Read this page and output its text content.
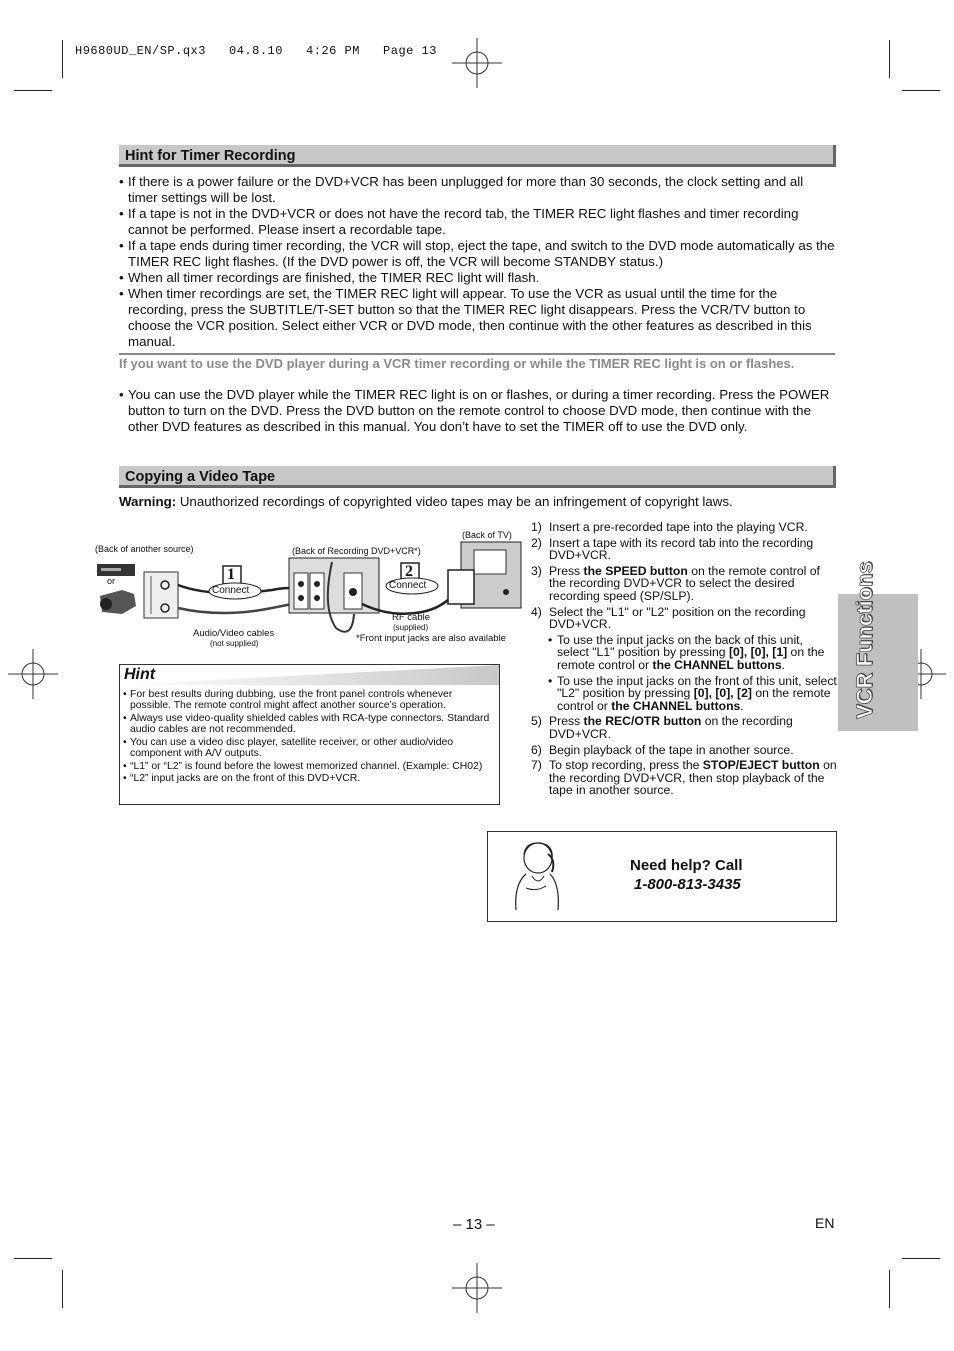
H9680UD_EN/SP.qx3   04.8.10   4:26 PM   Page 13
Hint for Timer Recording
• If there is a power failure or the DVD+VCR has been unplugged for more than 30 seconds, the clock setting and all timer settings will be lost.
• If a tape is not in the DVD+VCR or does not have the record tab, the TIMER REC light flashes and timer recording cannot be performed. Please insert a recordable tape.
• If a tape ends during timer recording, the VCR will stop, eject the tape, and switch to the DVD mode automatically as the TIMER REC light flashes. (If the DVD power is off, the VCR will become STANDBY status.)
• When all timer recordings are finished, the TIMER REC light will flash.
• When timer recordings are set, the TIMER REC light will appear. To use the VCR as usual until the time for the recording, press the SUBTITLE/T-SET button so that the TIMER REC light disappears. Press the VCR/TV button to choose the VCR position. Select either VCR or DVD mode, then continue with the other features as described in this manual.
If you want to use the DVD player during a VCR timer recording or while the TIMER REC light is on or flashes.
• You can use the DVD player while the TIMER REC light is on or flashes, or during a timer recording. Press the POWER button to turn on the DVD. Press the DVD button on the remote control to choose DVD mode, then continue with the other DVD features as described in this manual. You don’t have to set the TIMER off to use the DVD only.
Copying a Video Tape
Warning: Unauthorized recordings of copyrighted video tapes may be an infringement of copyright laws.
(Back of another source)
or
(Back of Recording DVD+VCR*)
(Back of TV)
1	2
Connect	Connect
Audio/Video cables
(not supplied)
RF cable
(supplied)
*Front input jacks are also available
1) Insert a pre-recorded tape into the playing VCR.
2) Insert a tape with its record tab into the recording DVD+VCR.
3) Press the SPEED button on the remote control of the recording DVD+VCR to select the desired recording speed (SP/SLP).
4) Select the "L1" or "L2" position on the recording DVD+VCR.
• To use the input jacks on the back of this unit, select "L1" position by pressing [0], [0], [1] on the remote control or the CHANNEL buttons.
• To use the input jacks on the front of this unit, select "L2" position by pressing [0], [0], [2] on the remote control or the CHANNEL buttons.
5) Press the REC/OTR button on the recording DVD+VCR.
6) Begin playback of the tape in another source.
7) To stop recording, press the STOP/EJECT button on the recording DVD+VCR, then stop playback of the tape in another source.
Hint
• For best results during dubbing, use the front panel controls whenever possible. The remote control might affect another source’s operation.
• Always use video-quality shielded cables with RCA-type connectors. Standard audio cables are not recommended.
• You can use a video disc player, satellite receiver, or other audio/video component with A/V outputs.
• “L1” or “L2” is found before the lowest memorized channel. (Example: CH02)
• “L2” input jacks are on the front of this DVD+VCR.
Need help? Call
1-800-813-3435
VCR Functions
– 13 –	EN
